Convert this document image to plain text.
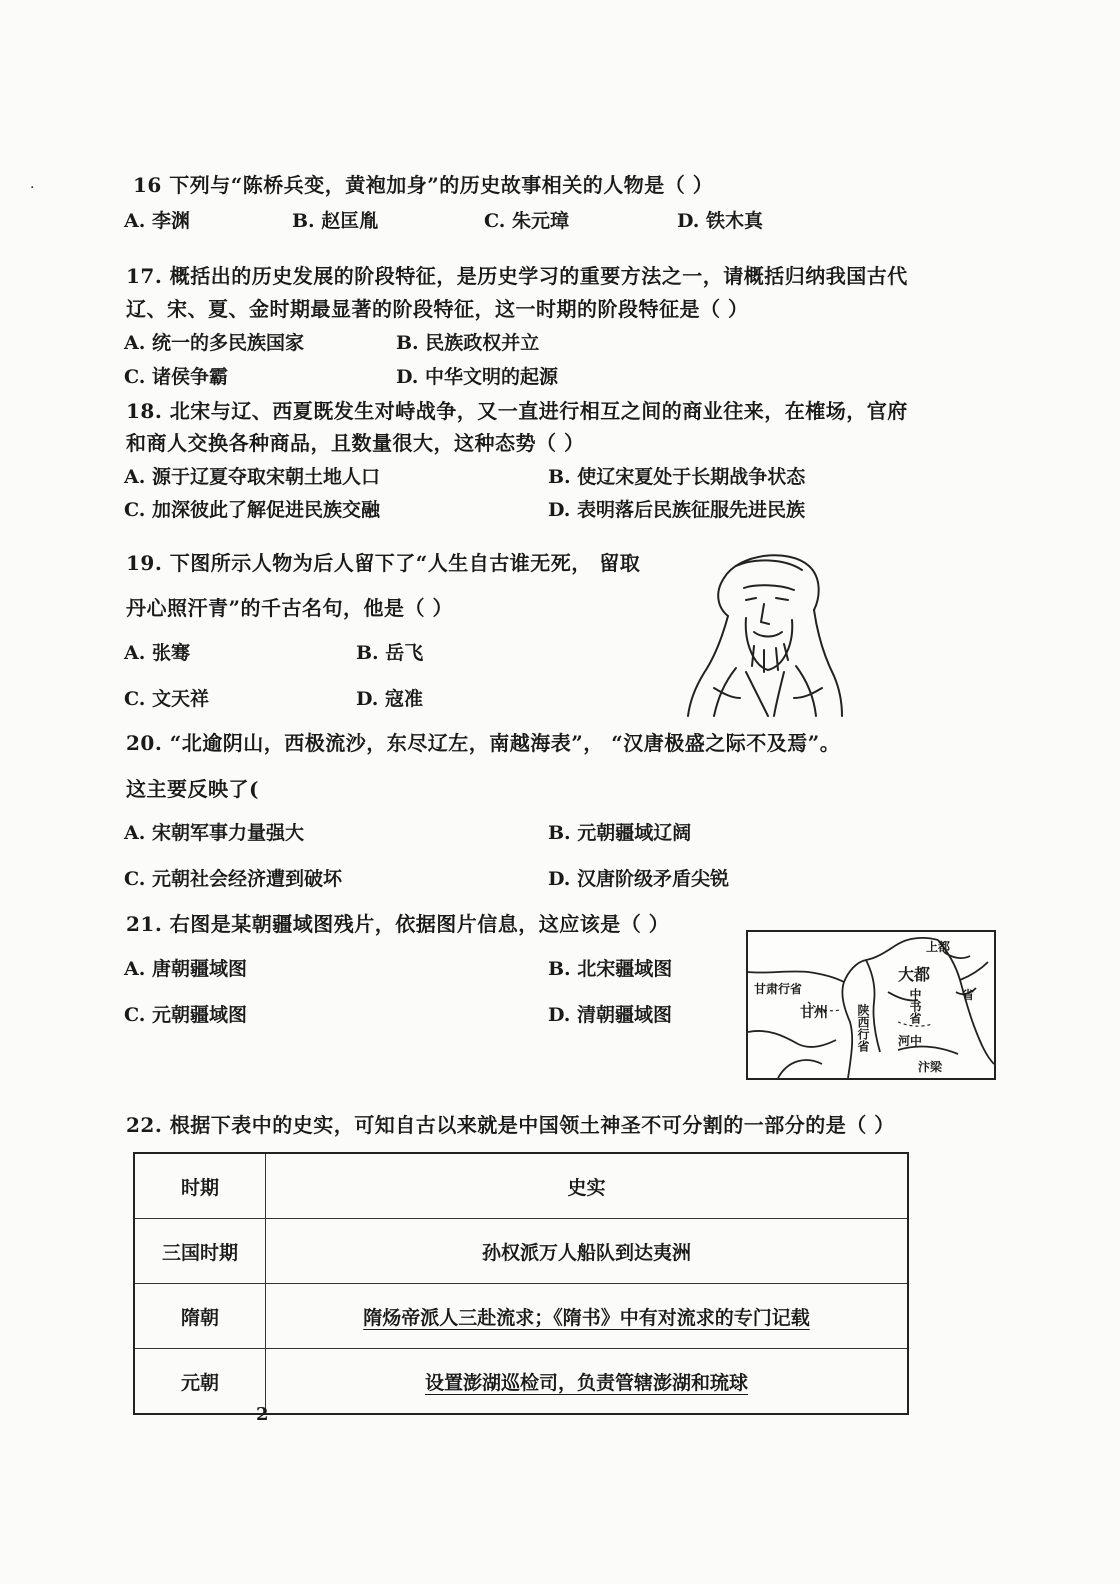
·	16 下列与“陈桥兵变，黄袍加身”的历史故事相关的人物是（ ）
A. 李渊	B. 赵匡胤	C. 朱元璋	D. 铁木真
17. 概括出的历史发展的阶段特征，是历史学习的重要方法之一，请概括归纳我国古代
辽、宋、夏、金时期最显著的阶段特征，这一时期的阶段特征是（ ）
A. 统一的多民族国家	B. 民族政权并立
C. 诸侯争霸	D. 中华文明的起源
18. 北宋与辽、西夏既发生对峙战争，又一直进行相互之间的商业往来，在榷场，官府
和商人交换各种商品，且数量很大，这种态势（ ）
A. 源于辽夏夺取宋朝土地人口	B. 使辽宋夏处于长期战争状态
C. 加深彼此了解促进民族交融	D. 表明落后民族征服先进民族
19. 下图所示人物为后人留下了“人生自古谁无死， 留取
丹心照汗青”的千古名句，他是（ ）
A. 张骞	B. 岳飞
C. 文天祥	D. 寇准
20. “北逾阴山，西极流沙，东尽辽左，南越海表”， “汉唐极盛之际不及焉”。
这主要反映了(
A. 宋朝军事力量强大	B. 元朝疆域辽阔
C. 元朝社会经济遭到破坏	D. 汉唐阶级矛盾尖锐
21. 右图是某朝疆域图残片，依据图片信息，这应该是（ ）
A. 唐朝疆域图	B. 北宋疆域图
C. 元朝疆域图	D. 清朝疆域图
甘肃行省
甘州 陕西行省
上都
大都
中书省
河中
汴梁
省
22. 根据下表中的史实，可知自古以来就是中国领土神圣不可分割的一部分的是（ ）
时期	史实
三国时期	孙权派万人船队到达夷洲
隋朝	隋炀帝派人三赴流求；《隋书》中有对流求的专门记载
元朝	设置澎湖巡检司，负责管辖澎湖和琉球
2
